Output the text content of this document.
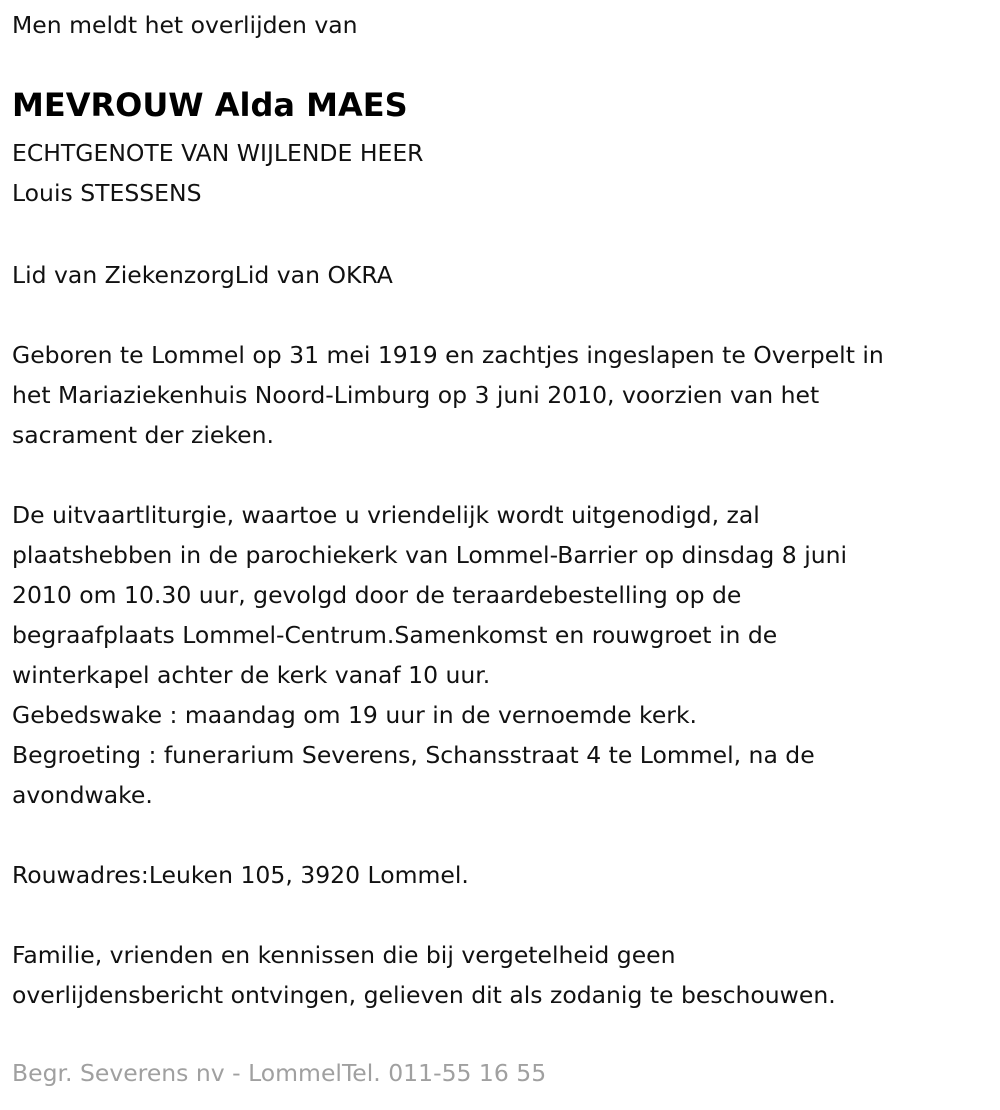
Men meldt het overlijden van
MEVROUW Alda MAES
ECHTGENOTE VAN WIJLENDE HEER
Louis STESSENS
Lid van ZiekenzorgLid van OKRA
Geboren te Lommel op 31 mei 1919 en zachtjes ingeslapen te Overpelt in
het Mariaziekenhuis Noord-Limburg op 3 juni 2010, voorzien van het
sacrament der zieken.
De uitvaartliturgie, waartoe u vriendelijk wordt uitgenodigd, zal
plaatshebben in de parochiekerk van Lommel-Barrier op dinsdag 8 juni
2010 om 10.30 uur, gevolgd door de teraardebestelling op de
begraafplaats Lommel-Centrum.Samenkomst en rouwgroet in de
winterkapel achter de kerk vanaf 10 uur.
Gebedswake : maandag om 19 uur in de vernoemde kerk.
Begroeting : funerarium Severens, Schansstraat 4 te Lommel, na de
avondwake.
Rouwadres:Leuken 105, 3920 Lommel.
Familie, vrienden en kennissen die bij vergetelheid geen
overlijdensbericht ontvingen, gelieven dit als zodanig te beschouwen.
Begr. Severens nv - LommelTel. 011-55 16 55
